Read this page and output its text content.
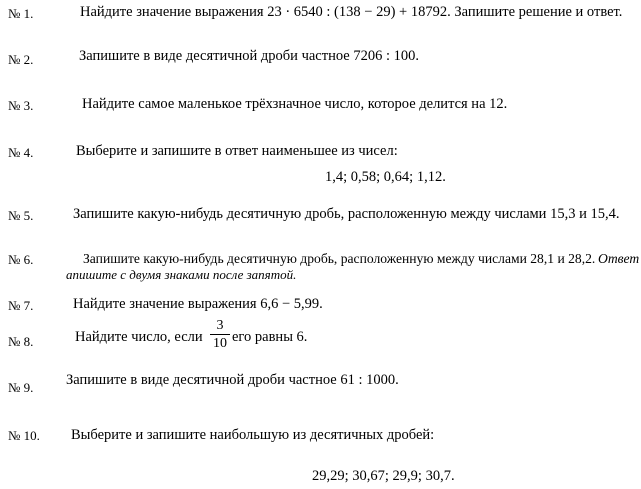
№ 1.	Найдите значение выражения 23 · 6540 : (138 − 29) + 18792. Запишите решение и ответ.
№ 2.	Запишите в виде десятичной дроби частное 7206 : 100.
№ 3.	Найдите самое маленькое трёхзначное число, которое делится на 12.
№ 4.	Выберите и запишите в ответ наименьшее из чисел:
1,4; 0,58; 0,64; 1,12.
№ 5.	Запишите какую-нибудь десятичную дробь, расположенную между числами 15,3 и 15,4.
№ 6.	Запишите какую-нибудь десятичную дробь, расположенную между числами 28,1 и 28,2. Ответ
апишите с двумя знаками после запятой.
№ 7.	Найдите значение выражения 6,6 − 5,99.
№ 8.	Найдите число, если
3
10 его равны 6.
№ 9. Запишите в виде десятичной дроби частное 61 : 1000.
№ 10. Выберите и запишите наибольшую из десятичных дробей:
29,29; 30,67; 29,9; 30,7.
